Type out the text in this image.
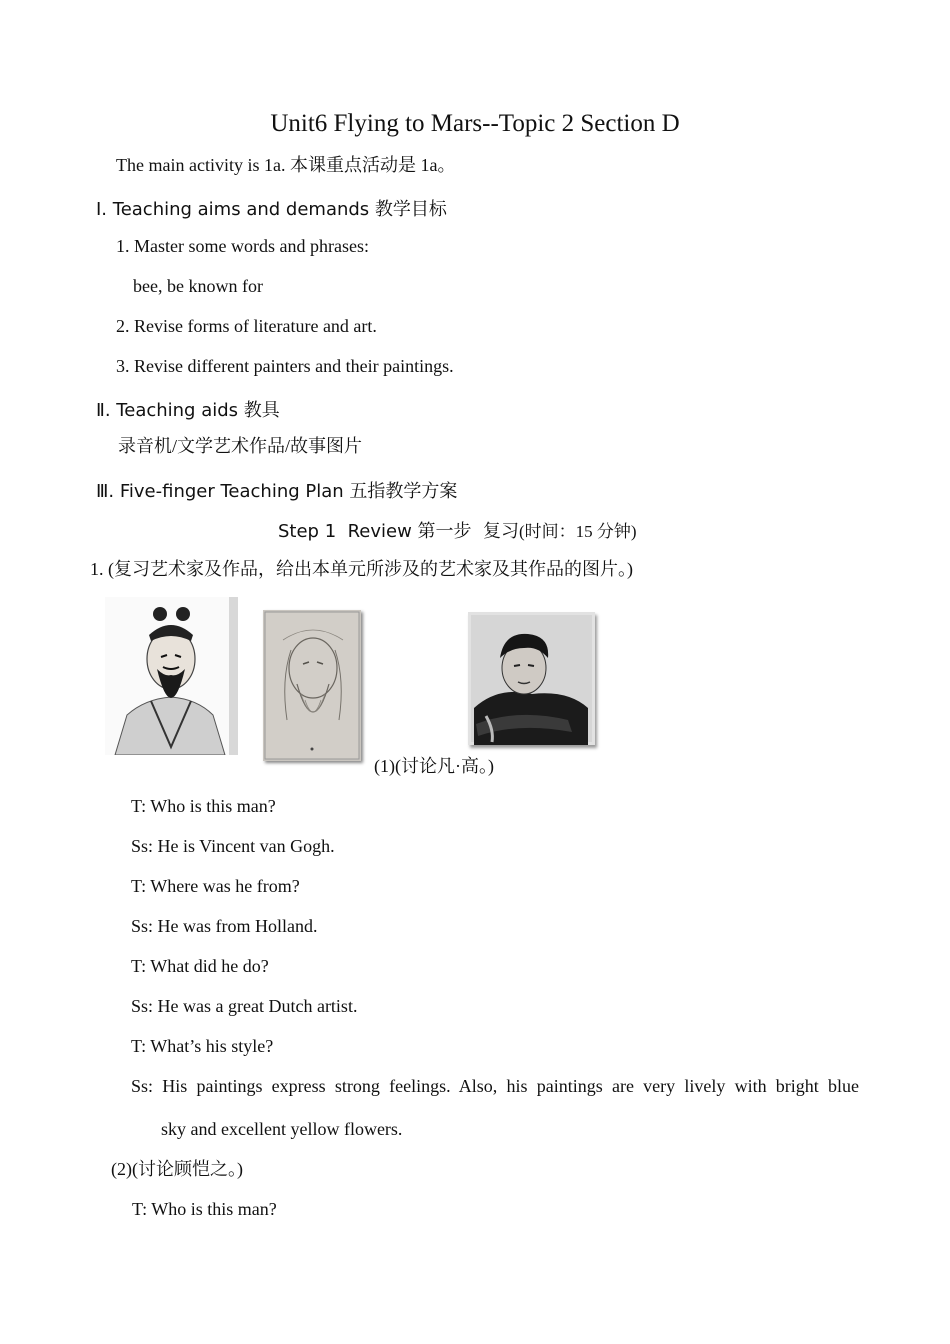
Unit6 Flying to Mars--Topic 2 Section D
The main activity is 1a. 本课重点活动是 1a。
Ⅰ. Teaching aims and demands 教学目标
1. Master some words and phrases:
bee, be known for
2. Revise forms of literature and art.
3. Revise different painters and their paintings.
Ⅱ. Teaching aids 教具
录音机/文学艺术作品/故事图片
Ⅲ. Five-finger Teaching Plan 五指教学方案
Step 1  Review 第一步  复习(时间：15 分钟)
1. (复习艺术家及作品，给出本单元所涉及的艺术家及其作品的图片。)
(1)(讨论凡·高。)
T: Who is this man?
Ss: He is Vincent van Gogh.
T: Where was he from?
Ss: He was from Holland.
T: What did he do?
Ss: He was a great Dutch artist.
T: What’s his style?
Ss: His paintings express strong feelings. Also, his paintings are very lively with bright blue
sky and excellent yellow flowers.
(2)(讨论顾恺之。)
T: Who is this man?
